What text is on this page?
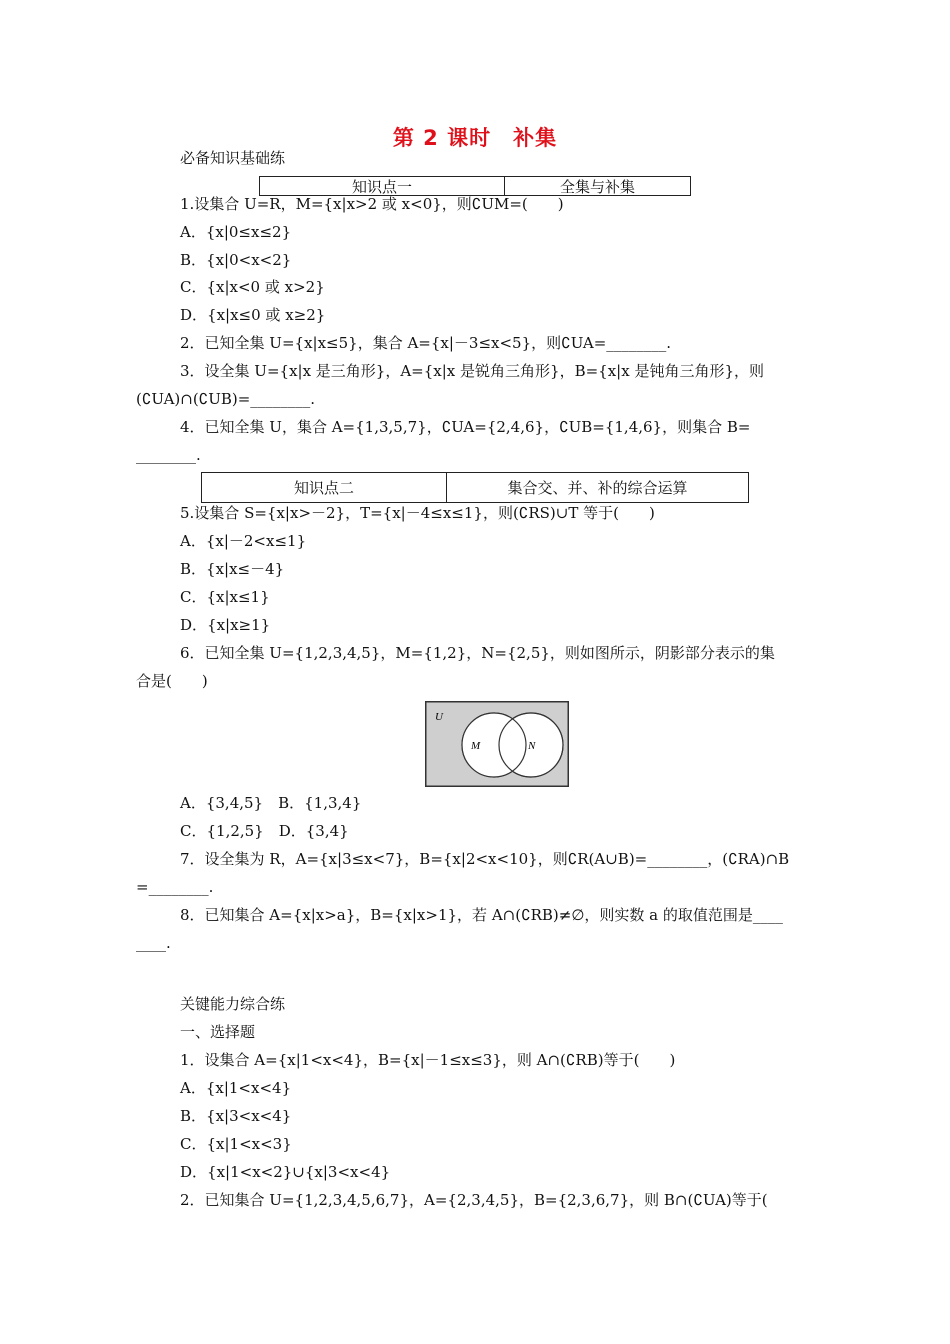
第 2 课时　补集
必备知识基础练
知识点一	全集与补集
1.设集合 U=R，M={x|x>2 或 x<0}，则∁UM=(　　)
A．{x|0≤x≤2}
B．{x|0<x<2}
C．{x|x<0 或 x>2}
D．{x|x≤0 或 x≥2}
2．已知全集 U={x|x≤5}，集合 A={x|－3≤x<5}，则∁UA=________.
3．设全集 U={x|x 是三角形}，A={x|x 是锐角三角形}，B={x|x 是钝角三角形}，则
(∁UA)∩(∁UB)=________.
4．已知全集 U，集合 A={1,3,5,7}，∁UA={2,4,6}，∁UB={1,4,6}，则集合 B=
________.
知识点二	集合交、并、补的综合运算
5.设集合 S={x|x>－2}，T={x|－4≤x≤1}，则(∁RS)∪T 等于(　　)
A．{x|－2<x≤1}
B．{x|x≤－4}
C．{x|x≤1}
D．{x|x≥1}
6．已知全集 U={1,2,3,4,5}，M={1,2}，N={2,5}，则如图所示，阴影部分表示的集
合是(　　)
U
M	N
A．{3,4,5}　B．{1,3,4}
C．{1,2,5}　D．{3,4}
7．设全集为 R，A={x|3≤x<7}，B={x|2<x<10}，则∁R(A∪B)=________，(∁RA)∩B
=________.
8．已知集合 A={x|x>a}，B={x|x>1}，若 A∩(∁RB)≠∅，则实数 a 的取值范围是____
____.
关键能力综合练
一、选择题
1．设集合 A={x|1<x<4}，B={x|－1≤x≤3}，则 A∩(∁RB)等于(　　)
A．{x|1<x<4}
B．{x|3<x<4}
C．{x|1<x<3}
D．{x|1<x<2}∪{x|3<x<4}
2．已知集合 U={1,2,3,4,5,6,7}，A={2,3,4,5}，B={2,3,6,7}，则 B∩(∁UA)等于(
